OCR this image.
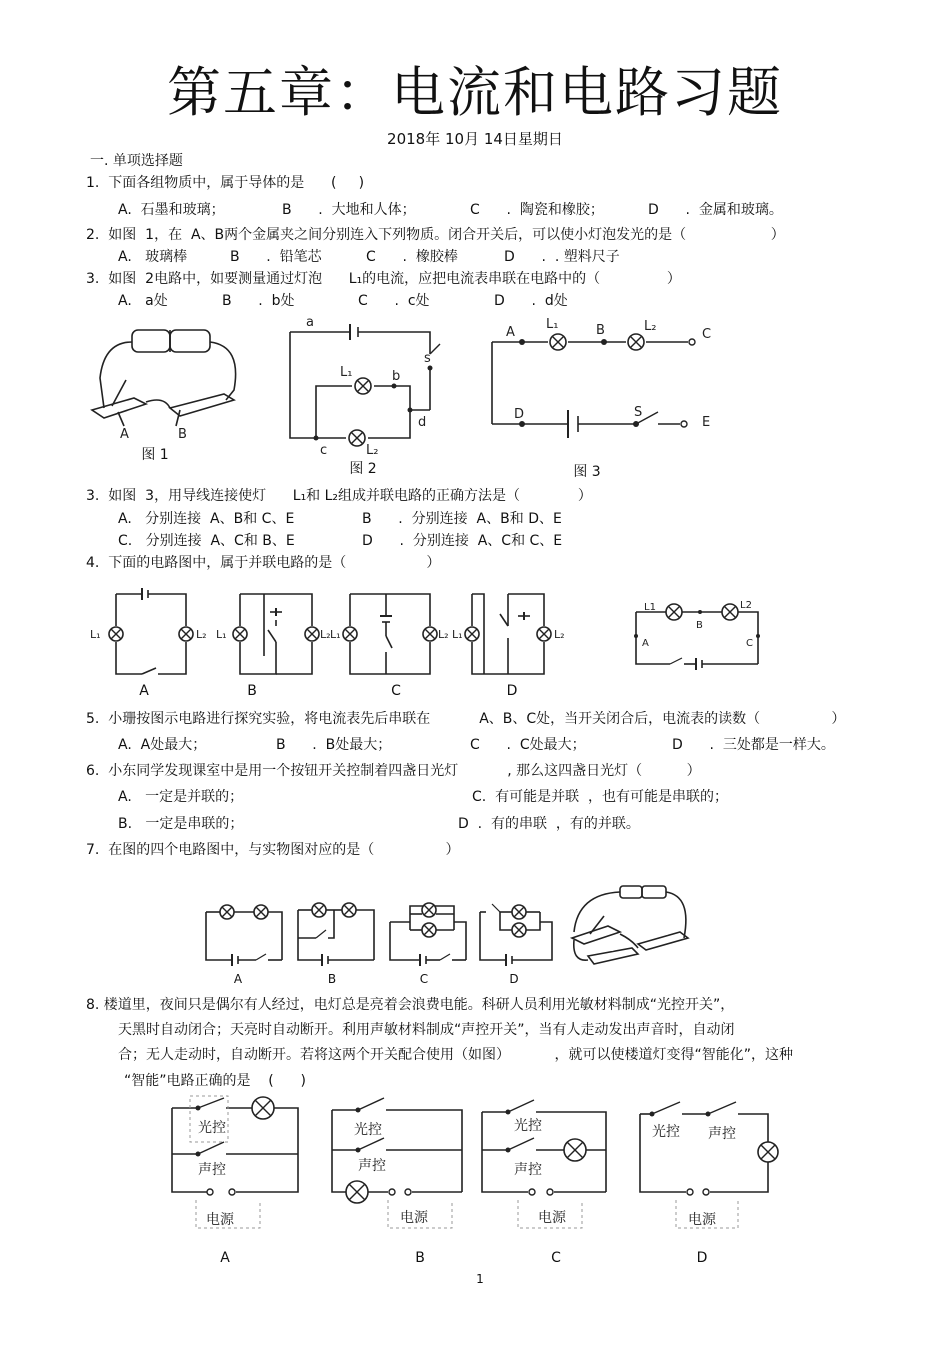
第五章：电流和电路习题
2018年 10月 14日星期日
一. 单项选择题
1.  下面各组物质中，属于导体的是      (     )
A.  石墨和玻璃；	B      .  大地和人体；	C      .  陶瓷和橡胶；	D      .  金属和玻璃。
2.  如图  1，在  A、B两个金属夹之间分别连入下列物质。闭合开关后，可以使小灯泡发光的是（                   ）
A.   玻璃棒	B      .  铅笔芯	C      .  橡胶棒	D      .  . 塑料尺子
3.  如图  2电路中，如要测量通过灯泡      L₁的电流，应把电流表串联在电路中的（               ）
A.   a处	B      .  b处	C      .  c处	D      .  d处
A	B
图 1
a
b
c
d
s
L₁
L₂
图 2
A	B	C
D
E
S
L₁	L₂
图 3
3.  如图  3，用导线连接使灯      L₁和 L₂组成并联电路的正确方法是（             ）
A.   分别连接  A、B和 C、E	B      .  分别连接  A、B和 D、E
C.   分别连接  A、C和 B、E	D      .  分别连接  A、C和 C、E
4.  下面的电路图中，属于并联电路的是（                  ）
L₁	L₂
A
L₁	L₂
B
L₁	L₂
C
L₁	L₂
D
L1	L2
A
B
C
5.  小珊按图示电路进行探究实验，将电流表先后串联在           A、B、C处，当开关闭合后，电流表的读数（                ）
A.  A处最大；	B      .  B处最大；	C      .  C处最大；	D      .  三处都是一样大。
6.  小东同学发现课室中是用一个按钮开关控制着四盏日光灯           , 那么这四盏日光灯（          ）
A.   一定是并联的；	C.  有可能是并联  ，也有可能是串联的；
B.   一定是串联的；	D  .  有的串联  ，有的并联。
7.  在图的四个电路图中，与实物图对应的是（                ）
A	B	C	D
8. 楼道里，夜间只是偶尔有人经过，电灯总是亮着会浪费电能。科研人员利用光敏材料制成“光控开关”，
天黑时自动闭合；天亮时自动断开。利用声敏材料制成“声控开关”，当有人走动发出声音时，自动闭
合；无人走动时，自动断开。若将这两个开关配合使用（如图）          ，就可以使楼道灯变得“智能化”，这种
“智能”电路正确的是    (      )
光控
声控
电源
A
光控
声控
电源
B
光控
声控
电源
C
光控 声控
电源
D
1
